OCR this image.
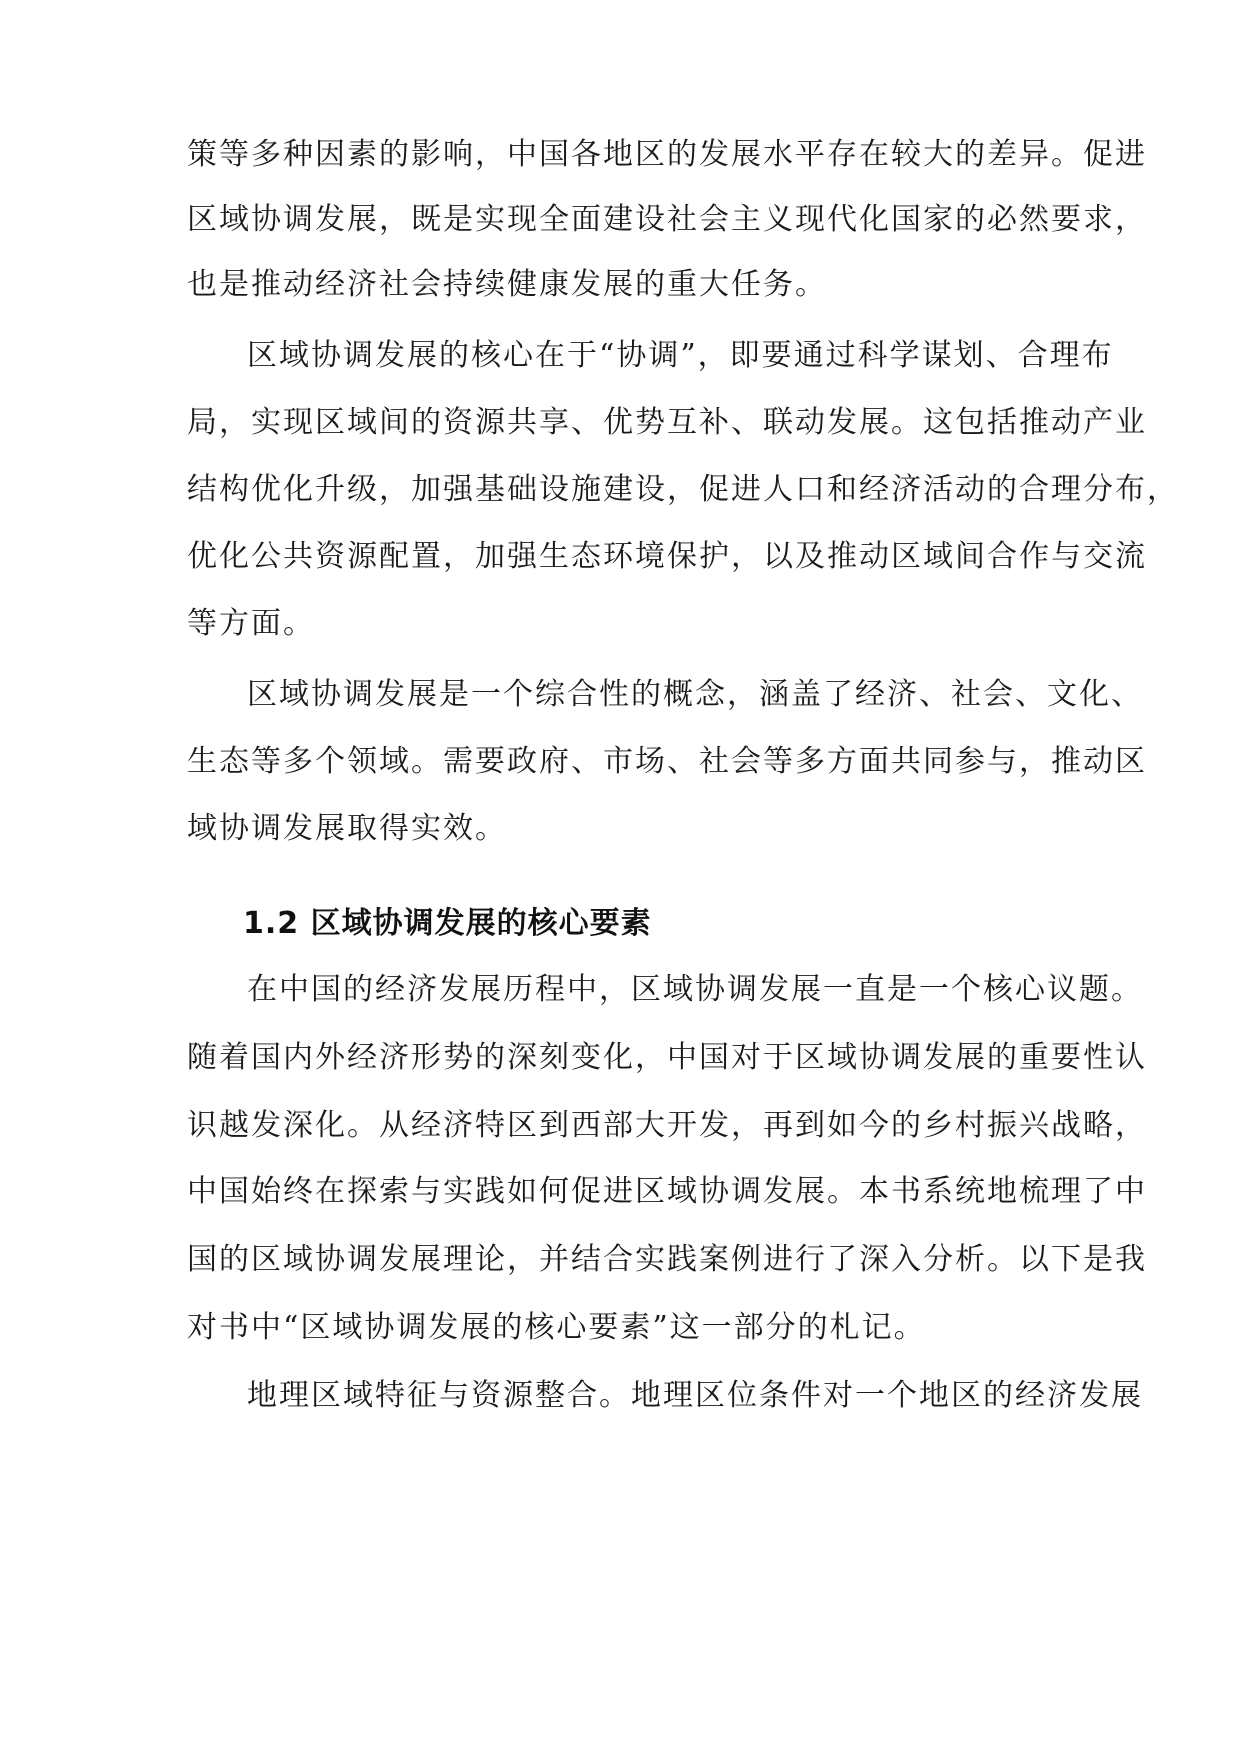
策等多种因素的影响，中国各地区的发展水平存在较大的差异。促进
区域协调发展，既是实现全面建设社会主义现代化国家的必然要求，
也是推动经济社会持续健康发展的重大任务。
区域协调发展的核心在于“协调”，即要通过科学谋划、合理布
局，实现区域间的资源共享、优势互补、联动发展。这包括推动产业
结构优化升级，加强基础设施建设，促进人口和经济活动的合理分布，
优化公共资源配置，加强生态环境保护，以及推动区域间合作与交流
等方面。
区域协调发展是一个综合性的概念，涵盖了经济、社会、文化、
生态等多个领域。需要政府、市场、社会等多方面共同参与，推动区
域协调发展取得实效。
1.2 区域协调发展的核心要素
在中国的经济发展历程中，区域协调发展一直是一个核心议题。
随着国内外经济形势的深刻变化，中国对于区域协调发展的重要性认
识越发深化。从经济特区到西部大开发，再到如今的乡村振兴战略，
中国始终在探索与实践如何促进区域协调发展。本书系统地梳理了中
国的区域协调发展理论，并结合实践案例进行了深入分析。以下是我
对书中“区域协调发展的核心要素”这一部分的札记。
地理区域特征与资源整合。地理区位条件对一个地区的经济发展
